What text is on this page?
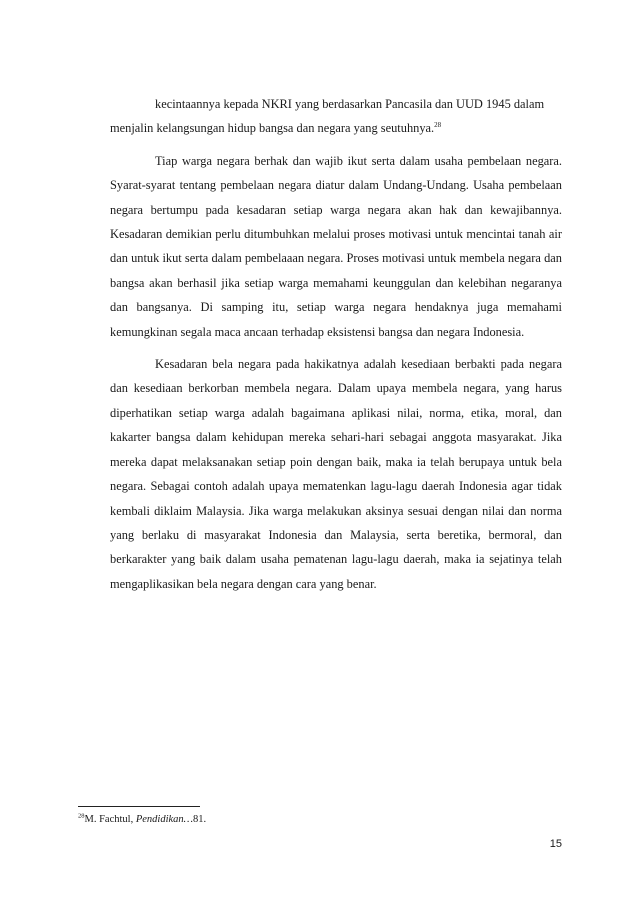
kecintaannya kepada NKRI yang berdasarkan Pancasila dan UUD 1945 dalam
menjalin kelangsungan hidup bangsa dan negara yang seutuhnya.$^{28}$

Tiap warga negara berhak dan wajib ikut serta dalam usaha pembelaan negara. Syarat-syarat tentang pembelaan negara diatur dalam Undang-Undang. Usaha pembelaan negara bertumpu pada kesadaran setiap warga negara akan hak dan kewajibannya. Kesadaran demikian perlu ditumbuhkan melalui proses motivasi untuk mencintai tanah air dan untuk ikut serta dalam pembelaaan negara. Proses motivasi untuk membela negara dan bangsa akan berhasil jika setiap warga memahami keunggulan dan kelebihan negaranya dan bangsanya. Di samping itu, setiap warga negara hendaknya juga memahami kemungkinan segala maca ancaan terhadap eksistensi bangsa dan negara Indonesia.

Kesadaran bela negara pada hakikatnya adalah kesediaan berbakti pada negara dan kesediaan berkorban membela negara. Dalam upaya membela negara, yang harus diperhatikan setiap warga adalah bagaimana aplikasi nilai, norma, etika, moral, dan kakarter bangsa dalam kehidupan mereka sehari-hari sebagai anggota masyarakat. Jika mereka dapat melaksanakan setiap poin dengan baik, maka ia telah berupaya untuk bela negara. Sebagai contoh adalah upaya mematenkan lagu-lagu daerah Indonesia agar tidak kembali diklaim Malaysia. Jika warga melakukan aksinya sesuai dengan nilai dan norma yang berlaku di masyarakat Indonesia dan Malaysia, serta beretika, bermoral, dan berkarakter yang baik dalam usaha pematenan lagu-lagu daerah, maka ia sejatinya telah mengaplikasikan bela negara dengan cara yang benar.

$^{28}$M. Fachtul, Pendidikan…81.
15
